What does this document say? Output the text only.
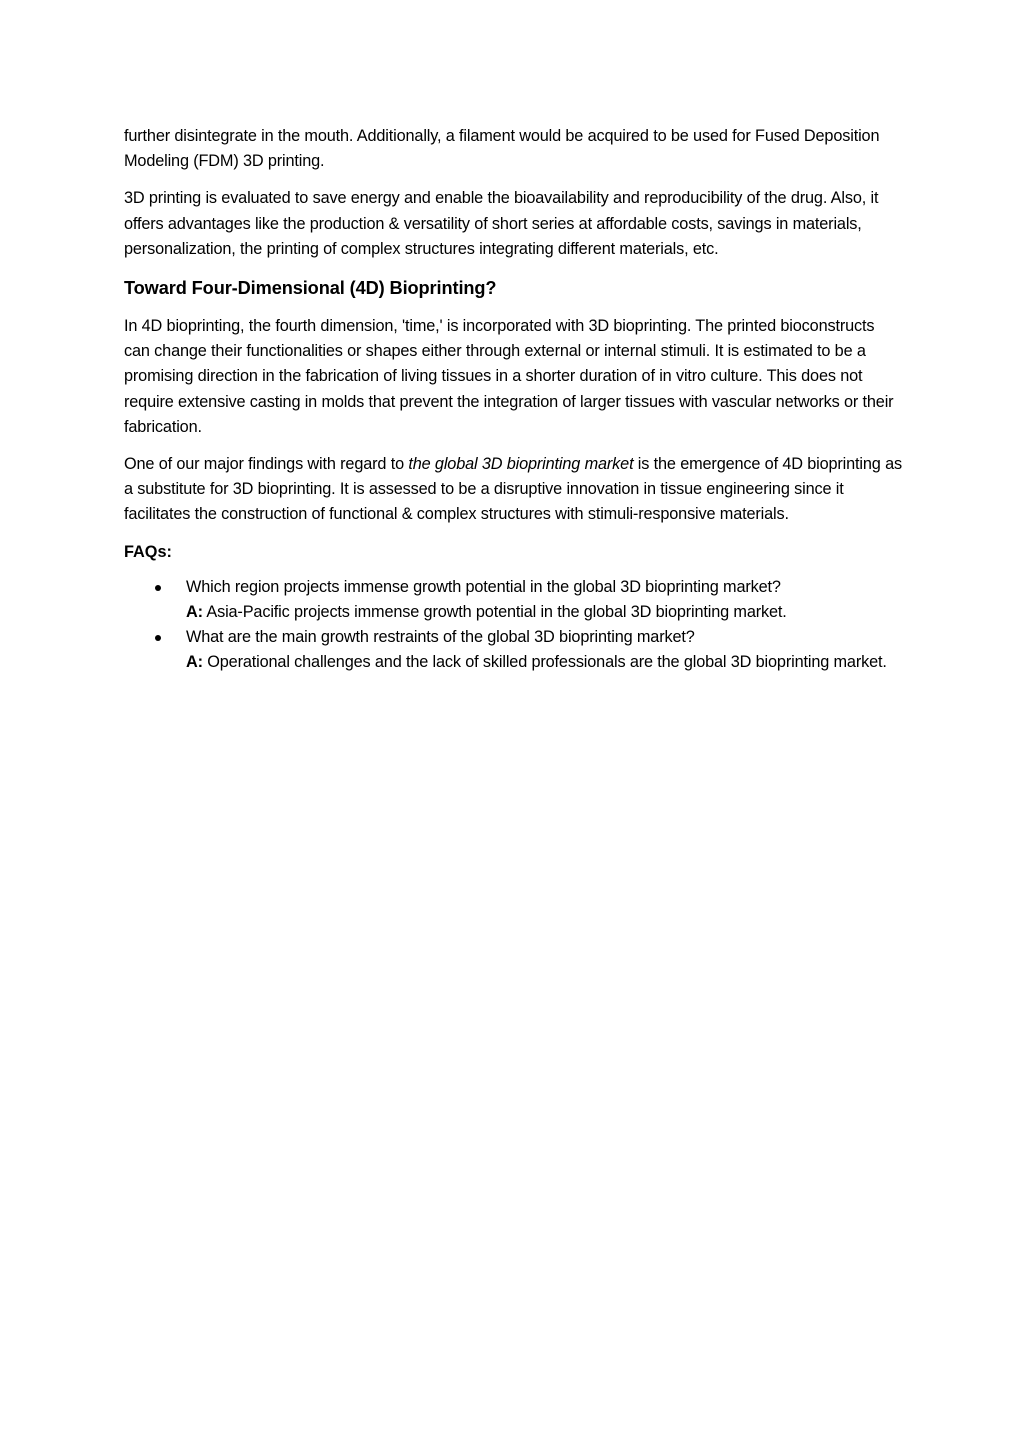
further disintegrate in the mouth. Additionally, a filament would be acquired to be used for Fused Deposition Modeling (FDM) 3D printing.

3D printing is evaluated to save energy and enable the bioavailability and reproducibility of the drug. Also, it offers advantages like the production & versatility of short series at affordable costs, savings in materials, personalization, the printing of complex structures integrating different materials, etc.

Toward Four-Dimensional (4D) Bioprinting?

In 4D bioprinting, the fourth dimension, 'time,' is incorporated with 3D bioprinting. The printed bioconstructs can change their functionalities or shapes either through external or internal stimuli. It is estimated to be a promising direction in the fabrication of living tissues in a shorter duration of in vitro culture. This does not require extensive casting in molds that prevent the integration of larger tissues with vascular networks or their fabrication.

One of our major findings with regard to the global 3D bioprinting market is the emergence of 4D bioprinting as a substitute for 3D bioprinting. It is assessed to be a disruptive innovation in tissue engineering since it facilitates the construction of functional & complex structures with stimuli-responsive materials.

FAQs:

Which region projects immense growth potential in the global 3D bioprinting market?
A: Asia-Pacific projects immense growth potential in the global 3D bioprinting market.
What are the main growth restraints of the global 3D bioprinting market?
A: Operational challenges and the lack of skilled professionals are the global 3D bioprinting market.
